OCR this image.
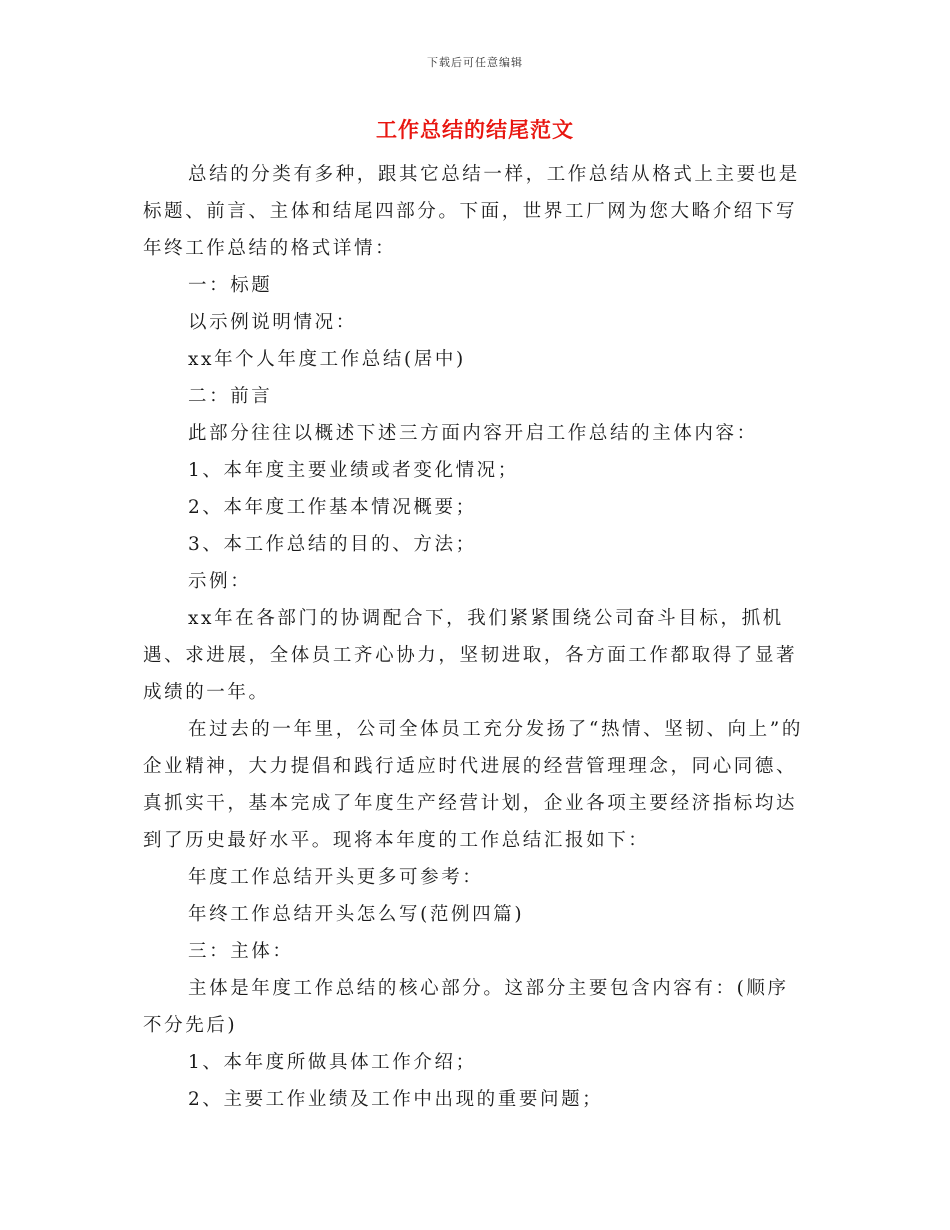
下载后可任意编辑
工作总结的结尾范文

总结的分类有多种，跟其它总结一样，工作总结从格式上主要也是标题、前言、主体和结尾四部分。下面，世界工厂网为您大略介绍下写年终工作总结的格式详情：

一：标题

以示例说明情况：

xx年个人年度工作总结(居中)

二：前言

此部分往往以概述下述三方面内容开启工作总结的主体内容：

1、本年度主要业绩或者变化情况；

2、本年度工作基本情况概要；

3、本工作总结的目的、方法；

示例：

xx年在各部门的协调配合下，我们紧紧围绕公司奋斗目标，抓机遇、求进展，全体员工齐心协力，坚韧进取，各方面工作都取得了显著成绩的一年。

在过去的一年里，公司全体员工充分发扬了“热情、坚韧、向上”的企业精神，大力提倡和践行适应时代进展的经营管理理念，同心同德、真抓实干，基本完成了年度生产经营计划，企业各项主要经济指标均达到了历史最好水平。现将本年度的工作总结汇报如下：

年度工作总结开头更多可参考：

年终工作总结开头怎么写(范例四篇)

三：主体：

主体是年度工作总结的核心部分。这部分主要包含内容有：(顺序不分先后)

1、本年度所做具体工作介绍；

2、主要工作业绩及工作中出现的重要问题；
